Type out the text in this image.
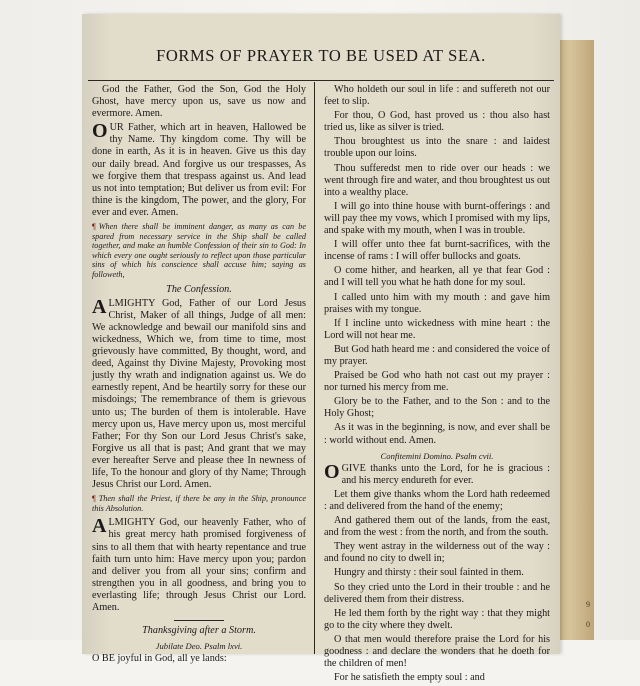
9
0
FORMS OF PRAYER TO BE USED AT SEA.

God the Father, God the Son, God the Holy Ghost, have mercy upon us, save us now and evermore. Amen.

OUR Father, which art in heaven, Hallowed be thy Name. Thy kingdom come. Thy will be done in earth, As it is in heaven. Give us this day our daily bread. And forgive us our trespasses, As we forgive them that trespass against us. And lead us not into temptation; But deliver us from evil: For thine is the kingdom, The power, and the glory, For ever and ever. Amen.

¶ When there shall be imminent danger, as many as can be spared from necessary service in the Ship shall be called together, and make an humble Confession of their sin to God: In which every one ought seriously to reflect upon those particular sins of which his conscience shall accuse him; saying as followeth,

The Confession.

ALMIGHTY God, Father of our Lord Jesus Christ, Maker of all things, Judge of all men: We acknowledge and bewail our manifold sins and wickedness, Which we, from time to time, most grievously have committed, By thought, word, and deed, Against thy Divine Majesty, Provoking most justly thy wrath and indignation against us. We do earnestly repent, And be heartily sorry for these our misdoings; The remembrance of them is grievous unto us; The burden of them is intolerable. Have mercy upon us, Have mercy upon us, most merciful Father; For thy Son our Lord Jesus Christ's sake, Forgive us all that is past; And grant that we may ever hereafter Serve and please thee In newness of life, To the honour and glory of thy Name; Through Jesus Christ our Lord. Amen.

¶ Then shall the Priest, if there be any in the Ship, pronounce this Absolution.

ALMIGHTY God, our heavenly Father, who of his great mercy hath promised forgiveness of sins to all them that with hearty repentance and true faith turn unto him: Have mercy upon you; pardon and deliver you from all your sins; confirm and strengthen you in all goodness, and bring you to everlasting life; through Jesus Christ our Lord. Amen.

Thanksgiving after a Storm.

Jubilate Deo. Psalm lxvi.

O BE joyful in God, all ye lands:

Who holdeth our soul in life : and suffereth not our feet to slip.

For thou, O God, hast proved us : thou also hast tried us, like as silver is tried.

Thou broughtest us into the snare : and laidest trouble upon our loins.

Thou sufferedst men to ride over our heads : we went through fire and water, and thou broughtest us out into a wealthy place.

I will go into thine house with burnt-offerings : and will pay thee my vows, which I promised with my lips, and spake with my mouth, when I was in trouble.

I will offer unto thee fat burnt-sacrifices, with the incense of rams : I will offer bullocks and goats.

O come hither, and hearken, all ye that fear God : and I will tell you what he hath done for my soul.

I called unto him with my mouth : and gave him praises with my tongue.

If I incline unto wickedness with mine heart : the Lord will not hear me.

But God hath heard me : and considered the voice of my prayer.

Praised be God who hath not cast out my prayer : nor turned his mercy from me.

Glory be to the Father, and to the Son : and to the Holy Ghost;

As it was in the beginning, is now, and ever shall be : world without end. Amen.

Confitemini Domino. Psalm cvii.

OGIVE thanks unto the Lord, for he is gracious : and his mercy endureth for ever.

Let them give thanks whom the Lord hath redeemed : and delivered from the hand of the enemy;

And gathered them out of the lands, from the east, and from the west : from the north, and from the south.

They went astray in the wilderness out of the way : and found no city to dwell in;

Hungry and thirsty : their soul fainted in them.

So they cried unto the Lord in their trouble : and he delivered them from their distress.

He led them forth by the right way : that they might go to the city where they dwelt.

O that men would therefore praise the Lord for his goodness : and declare the wonders that he doeth for the children of men!

For he satisfieth the empty soul : and
